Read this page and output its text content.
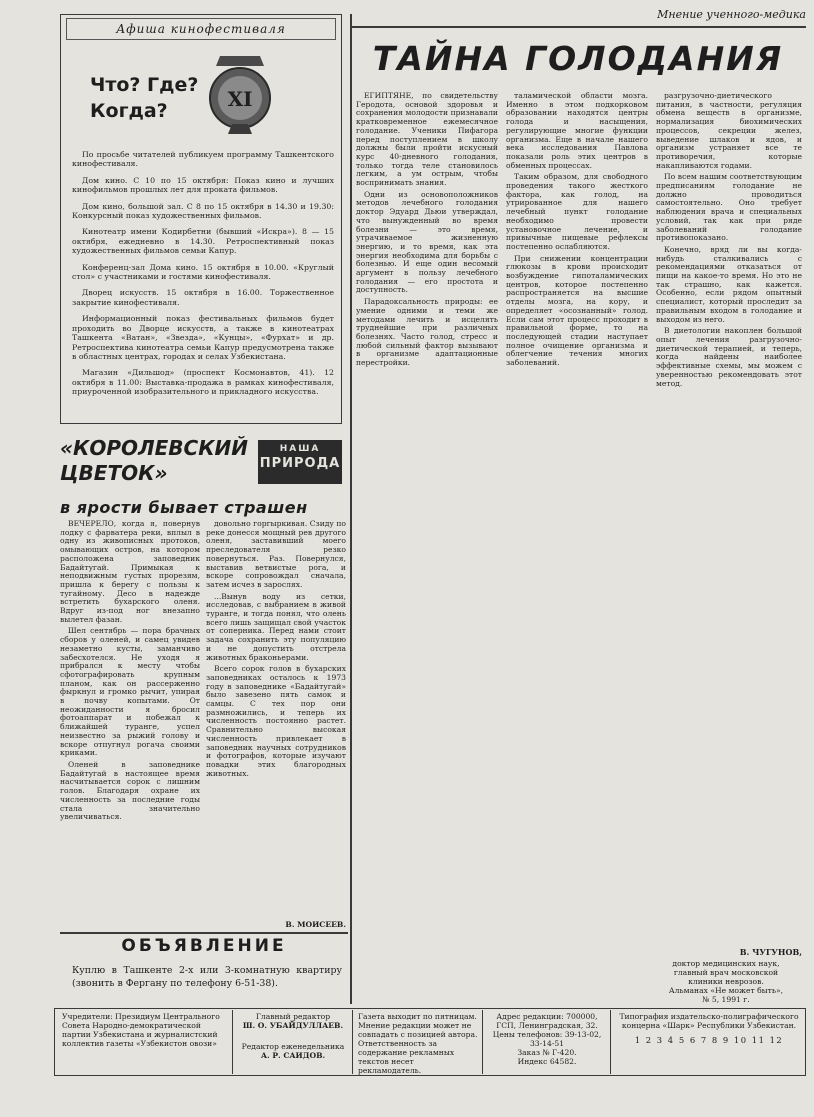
Мнение ученного-медика
ТАЙНА ГОЛОДАНИЯ
Афиша кинофестиваля
Что? Где?
Когда?	XI

По просьбе читателей публикуем программу Ташкентского кинофестиваля.

Дом кино. С 10 по 15 октября: Показ кино и лучших кинофильмов прошлых лет для проката фильмов.

Дом кино, большой зал. С 8 по 15 октября в 14.30 и 19.30: Конкурсный показ художественных фильмов.

Кинотеатр имени Кодирбетни (бывший «Искра»). 8 — 15 октября, ежедневно в 14.30. Ретроспективный показ художественных фильмов семьи Капур.

Конференц-зал Дома кино. 15 октября в 10.00. «Круглый стол» с участниками и гостями кинофестиваля.

Дворец искусств. 15 октября в 16.00. Торжественное закрытие кинофестиваля.

Информационный показ фестивальных фильмов будет проходить во Дворце искусств, а также в кинотеатрах Ташкента «Ватан», «Звезда», «Кунцы», «Фурхат» и др. Ретроспектива кинотеатра семьи Капур предусмотрена также в областных центрах, городах и селах Узбекистана.

Магазин «Дильшод» (проспект Космонавтов, 41). 12 октября в 11.00: Выставка-продажа в рамках кинофестиваля, приуроченной изобразительного и прикладного искусства.

«КОРОЛЕВСКИЙ
ЦВЕТОК»
НАША
ПРИРОДА
в ярости бывает страшен

ВЕЧЕРЕЛО, когда я, повернув лодку с фарватера реки, вплыл в одну из живописных протоков, омывающих остров, на котором расположена заповедник Бадайтугай. Примыкая к неподвижным густых прорезям, пришла к берегу с пользы к тугайному. Десо в надежде встретить бухарского оленя. Вдруг из-под ног внезапно вылетел фазан.

Шел сентябрь — пора брачных сборов у оленей, и самец увидев незаметно кусты, заманчиво забесхотелся. Не уходя я прибрался к месту чтобы сфотографировать крупным планом, как он рассерженно фыркнул и громко рычит, упирая в почву копытами. От неожиданности я бросил фотоаппарат и побежал к ближайшей туранге, успел неизвестно за рыжий голову и вскоре отпугнул рогача своими криками.

Оленей в заповеднике Бадайтугай в настоящее время насчитывается сорок с лишним голов. Благодаря охране их численность за последние годы стала значительно увеличиваться.

довольно горгыркивая. Сзиду по реке донесся мощный рев другого оленя, заставивший моего преследователя резко повернуться. Раз. Повернулся, выставив ветвистые рога, и вскоре сопровождал сначала, затем исчез в зарослях.

...Вынув воду из сетки, исследовав, с выбранием в живой туранге, и тогда понял, что олень всего лишь защищал свой участок от соперника. Перед нами стоит задача сохранить эту популяцию и не допустить отстрела животных браконьерами.

Всего сорок голов в бухарских заповедниках осталось к 1973 году в заповеднике «Бадайтугай» было завезено пять самок и самцы. С тех пор они размножились, и теперь их численность постоянно растет. Сравнительно высокая численность привлекает в заповедник научных сотрудников и фотографов, которые изучают повадки этих благородных животных.

В. МОИСЕЕВ.
ОБЪЯВЛЕНИЕ
Куплю в Ташкенте 2-х или 3-комнатную квартиру (звонить в Фергану по телефону 6-51-38).

ЕГИПТЯНЕ, по свидетельству Геродота, основой здоровья и сохранения молодости признавали кратковременное ежемесячное голодание. Ученики Пифагора перед поступлением в школу должны были пройти искусный курс 40-дневного голодания, только тогда теле становилось легким, а ум острым, чтобы воспринимать знания.

Одни из основоположников методов лечебного голодания доктор Эдуард Дьюи утверждал, что вынужденный во время болезни — это время, утрачиваемое жизненную энергию, и то время, как эта энергия необходима для борьбы с болезнью. И еще один весомый аргумент в пользу лечебного голодания — его простота и доступность.

Парадоксальность природы: ее умение одними и теми же методами лечить и исцелять труднейшие при различных болезнях. Часто голод, стресс и любой сильный фактор вызывают в организме адаптационные перестройки.

таламической области мозга. Именно в этом подкорковом образовании находятся центры голода и насыщения, регулирующие многие функции организма. Еще в начале нашего века исследования Павлова показали роль этих центров в обменных процессах.

Таким образом, для свободного проведения такого жесткого фактора, как голод, на утрированное для нашего лечебный пункт голодание необходимо провести установочное лечение, и привычные пищевые рефлексы постепенно ослабляются.

При снижении концентрации глюкозы в крови происходит возбуждение гипоталамических центров, которое постепенно распространяется на высшие отделы мозга, на кору, и определяет «осознанный» голод. Если сам этот процесс проходит в правильной форме, то на последующей стадии наступает полное очищение организма и облегчение течения многих заболеваний.

разгрузочно-диетического питания, в частности, регуляция обмена веществ в организме, нормализация биохимических процессов, секреции желез, выведение шлаков и ядов, и организм устраняет все те противоречия, которые накапливаются годами.

По всем нашим соответствующим предписаниям голодание не должно проводиться самостоятельно. Оно требует наблюдения врача и специальных условий, так как при ряде заболеваний голодание противопоказано.

Конечно, вряд ли вы когда-нибудь сталкивались с рекомендациями отказаться от пищи на какое-то время. Но это не так страшно, как кажется. Особенно, если рядом опытный специалист, который проследит за правильным входом в голодание и выходом из него.

В диетологии накоплен большой опыт лечения разгрузочно-диетической терапией, и теперь, когда найдены наиболее эффективные схемы, мы можем с уверенностью рекомендовать этот метод.

В. ЧУГУНОВ,
доктор медицинских наук,
главный врач московской
клиники неврозов.
Альманах «Не может быть»,
№ 5, 1991 г.
Учредители: Президиум Центрального Совета Народно-демократической партии Узбекистана и журналистский коллектив газеты «Узбекистон овози»
Главный редактор
Ш. О. УБАЙДУЛЛАЕВ.
Редактор еженедельника
А. Р. САИДОВ.
Газета выходит по пятницам.
Мнение редакции может не совпадать с позицией автора.
Ответственность за содержание рекламных текстов несет рекламодатель.
Адрес редакции: 700000, ГСП, Ленинградская, 32.
Цены телефонов: 39-13-02, 33-14-51
Заказ № Г-420.
Индекс 64582.
Типография издательско-полиграфического концерна «Шарк» Республики Узбекистан.
1 2 3 4 5 6 7 8 9 10 11 12
